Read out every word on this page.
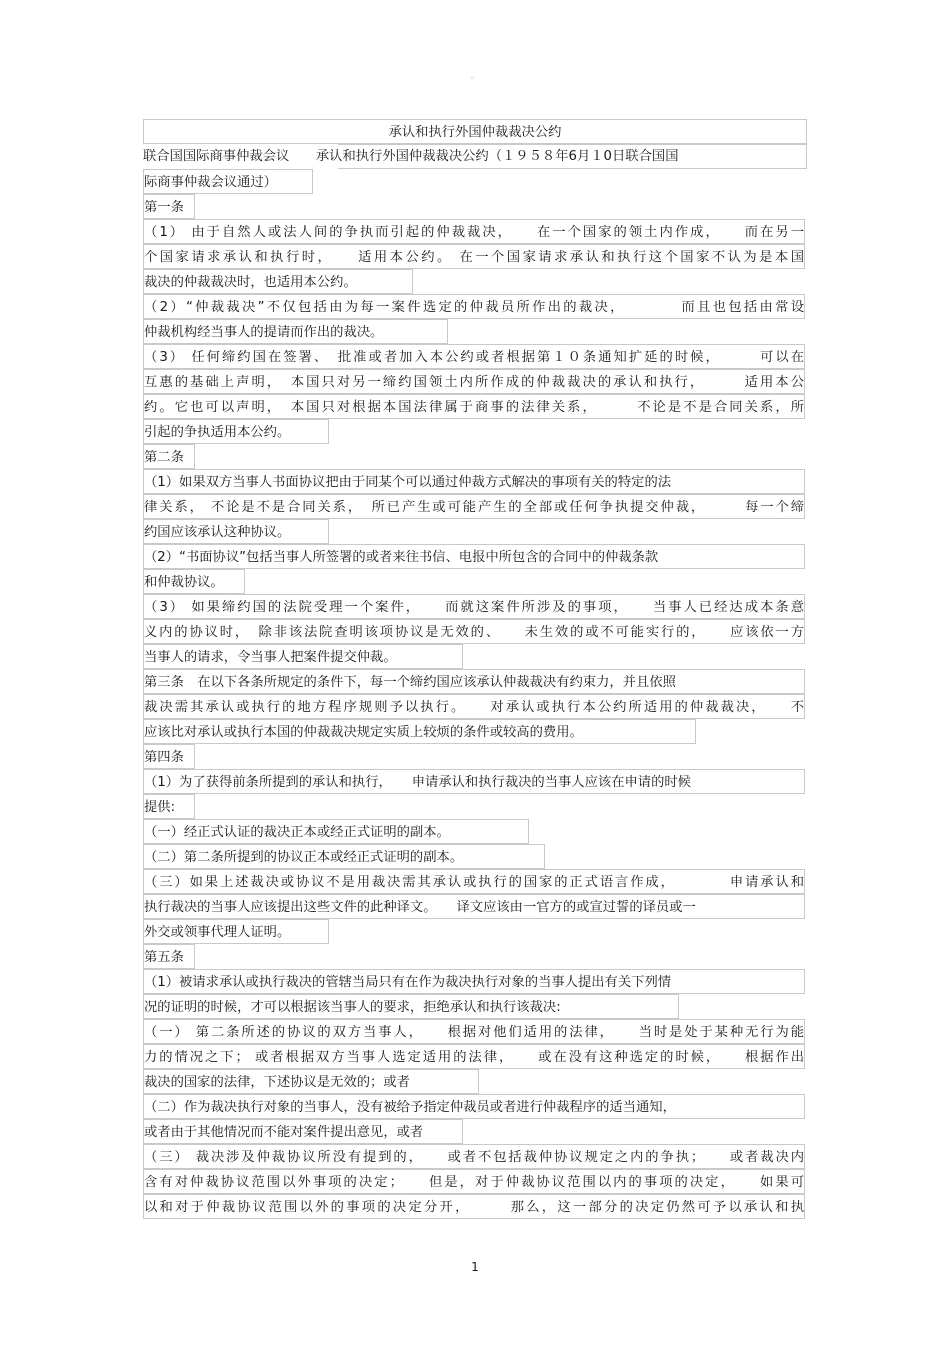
。
承认和执行外国仲裁裁决公约
联合国国际商事仲裁会议　　承认和执行外国仲裁裁决公约（１９５８年6月１0日联合国国
际商事仲裁会议通过）
第一条
（1） 由于自然人或法人间的争执而引起的仲裁裁决，　　在一个国家的领土内作成，　　而在另一
个国家请求承认和执行时，　　适用本公约。 在一个国家请求承认和执行这个国家不认为是本国
裁决的仲裁裁决时，也适用本公约。
（2）“仲裁裁决”不仅包括由为每一案件选定的仲裁员所作出的裁决，　　　　而且也包括由常设
仲裁机构经当事人的提请而作出的裁决。
（3） 任何缔约国在签署、　批准或者加入本公约或者根据第１０条通知扩延的时候，　　　可以在
互惠的基础上声明，　本国只对另一缔约国领土内所作成的仲裁裁决的承认和执行，　　　适用本公
约。它也可以声明，　本国只对根据本国法律属于商事的法律关系，　　　不论是不是合同关系，所
引起的争执适用本公约。
第二条
（1）如果双方当事人书面协议把由于同某个可以通过仲裁方式解决的事项有关的特定的法
律关系， 不论是不是合同关系，　所已产生或可能产生的全部或任何争执提交仲裁，　　　每一个缔
约国应该承认这种协议。
（2）“书面协议”包括当事人所签署的或者来往书信、电报中所包含的合同中的仲裁条款
和仲裁协议。
（3） 如果缔约国的法院受理一个案件，　　而就这案件所涉及的事项，　　当事人已经达成本条意
义内的协议时，　除非该法院查明该项协议是无效的、　　未生效的或不可能实行的，　　应该依一方
当事人的请求，令当事人把案件提交仲裁。
第三条　在以下各条所规定的条件下，每一个缔约国应该承认仲裁裁决有约束力，并且依照
裁决需其承认或执行的地方程序规则予以执行。　　对承认或执行本公约所适用的仲裁裁决，　　不
应该比对承认或执行本国的仲裁裁决规定实质上较烦的条件或较高的费用。
第四条
（1）为了获得前条所提到的承认和执行，　　申请承认和执行裁决的当事人应该在申请的时候
提供:
（一）经正式认证的裁决正本或经正式证明的副本。
（二）第二条所提到的协议正本或经正式证明的副本。
（三）如果上述裁决或协议不是用裁决需其承认或执行的国家的正式语言作成，　　　　申请承认和
执行裁决的当事人应该提出这些文件的此种译文。　　译文应该由一官方的或宣过誓的译员或一
外交或领事代理人证明。
第五条
（1）被请求承认或执行裁决的管辖当局只有在作为裁决执行对象的当事人提出有关下列情
况的证明的时候，才可以根据该当事人的要求，拒绝承认和执行该裁决:
（一） 第二条所述的协议的双方当事人，　　根据对他们适用的法律，　　当时是处于某种无行为能
力的情况之下； 或者根据双方当事人选定适用的法律，　　或在没有这种选定的时候，　　根据作出
裁决的国家的法律，下述协议是无效的；或者
（二）作为裁决执行对象的当事人，没有被给予指定仲裁员或者进行仲裁程序的适当通知，
或者由于其他情况而不能对案件提出意见，或者
（三） 裁决涉及仲裁协议所没有提到的，　　或者不包括裁仲协议规定之内的争执；　　或者裁决内
含有对仲裁协议范围以外事项的决定；　　但是，对于仲裁协议范围以内的事项的决定，　　如果可
以和对于仲裁协议范围以外的事项的决定分开，　　　那么，这一部分的决定仍然可予以承认和执
1
